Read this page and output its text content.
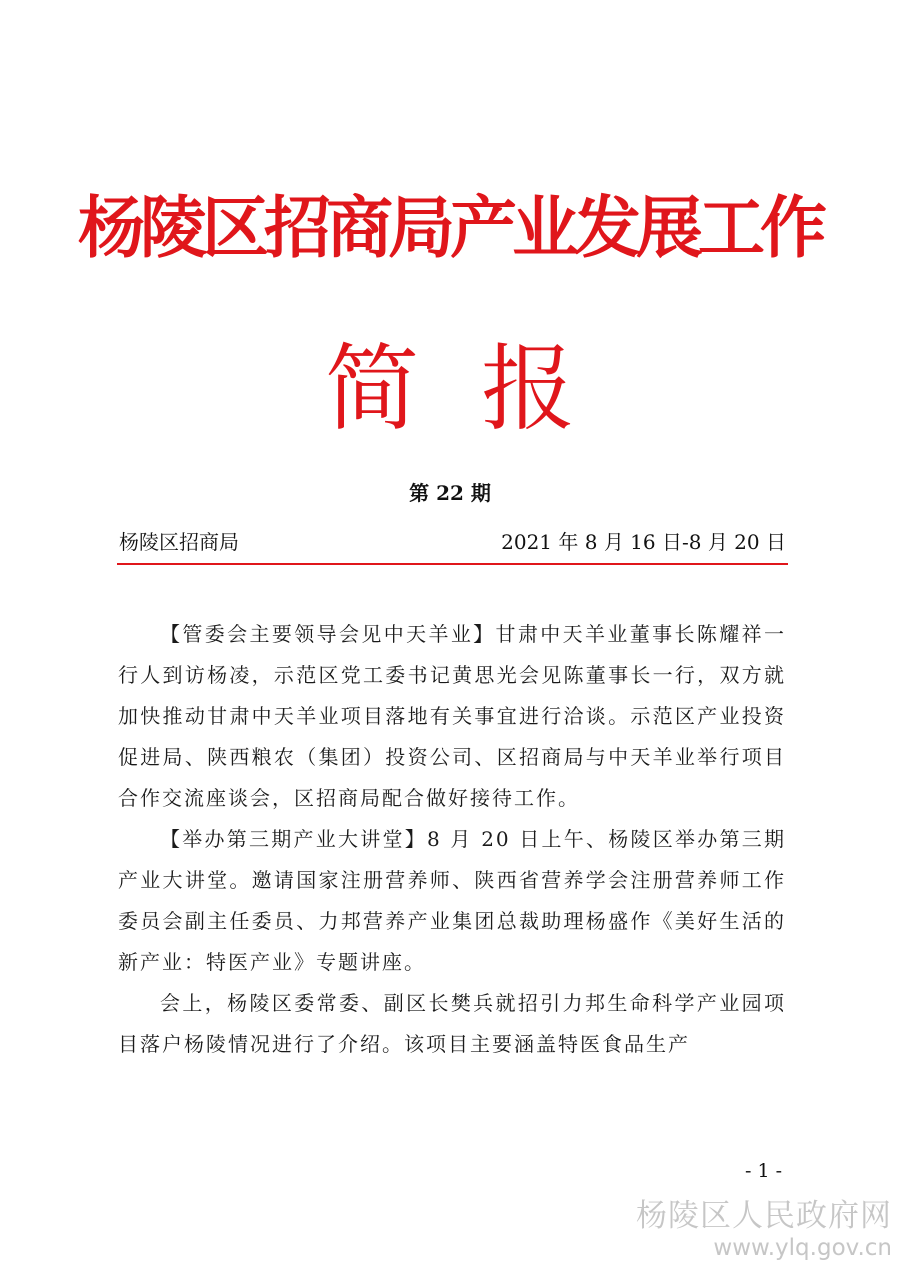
杨陵区招商局产业发展工作
简报
第 22 期
杨陵区招商局	2021 年 8 月 16 日-8 月 20 日

【管委会主要领导会见中天羊业】甘肃中天羊业董事长陈耀祥一行人到访杨凌，示范区党工委书记黄思光会见陈董事长一行，双方就加快推动甘肃中天羊业项目落地有关事宜进行洽谈。示范区产业投资促进局、陕西粮农（集团）投资公司、区招商局与中天羊业举行项目合作交流座谈会，区招商局配合做好接待工作。

【举办第三期产业大讲堂】8 月 20 日上午、杨陵区举办第三期产业大讲堂。邀请国家注册营养师、陕西省营养学会注册营养师工作委员会副主任委员、力邦营养产业集团总裁助理杨盛作《美好生活的新产业：特医产业》专题讲座。

会上，杨陵区委常委、副区长樊兵就招引力邦生命科学产业园项目落户杨陵情况进行了介绍。该项目主要涵盖特医食品生产

- 1 -
杨陵区人民政府网
www.ylq.gov.cn
